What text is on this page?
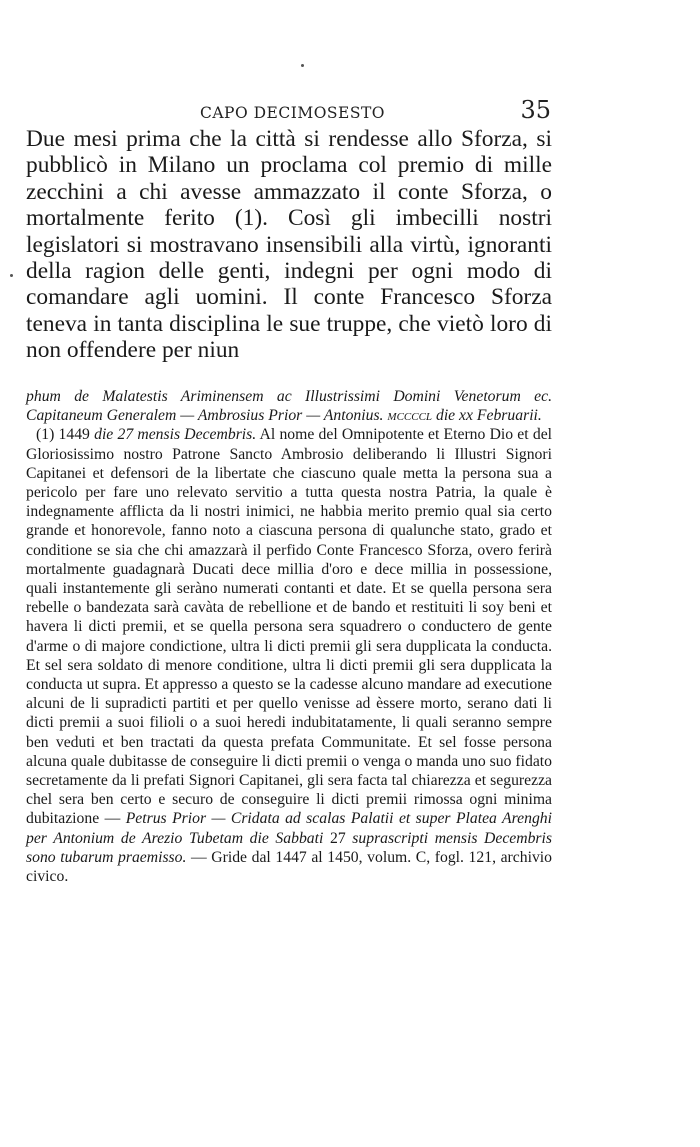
CAPO DECIMOSESTO	35

Due mesi prima che la città si rendesse allo Sforza, si pubblicò in Milano un proclama col premio di mille zecchini a chi avesse ammazzato il conte Sforza, o mortalmente ferito (1). Così gli imbecilli nostri legislatori si mostravano insensibili alla virtù, ignoranti della ragion delle genti, indegni per ogni modo di comandare agli uomini. Il conte Francesco Sforza teneva in tanta disciplina le sue truppe, che vietò loro di non offendere per niun

phum de Malatestis Ariminensem ac Illustrissimi Domini Venetorum ec. Capitaneum Generalem — Ambrosius Prior — Antonius. mccccl die xx Februarii.

(1) 1449 die 27 mensis Decembris. Al nome del Omnipotente et Eterno Dio et del Gloriosissimo nostro Patrone Sancto Ambrosio deliberando li Illustri Signori Capitanei et defensori de la libertate che ciascuno quale metta la persona sua a pericolo per fare uno relevato servitio a tutta questa nostra Patria, la quale è indegnamente afflicta da li nostri inimici, ne habbia merito premio qual sia certo grande et honorevole, fanno noto a ciascuna persona di qualunche stato, grado et conditione se sia che chi amazzarà il perfido Conte Francesco Sforza, overo ferirà mortalmente guadagnarà Ducati dece millia d'oro e dece millia in possessione, quali instantemente gli seràno numerati contanti et date. Et se quella persona sera rebelle o bandezata sarà cavàta de rebellione et de bando et restituiti li soy beni et havera li dicti premii, et se quella persona sera squadrero o conductero de gente d'arme o di majore condictione, ultra li dicti premii gli sera dupplicata la conducta. Et sel sera soldato di menore conditione, ultra li dicti premii gli sera dupplicata la conducta ut supra. Et appresso a questo se la cadesse alcuno mandare ad executione alcuni de li supradicti partiti et per quello venisse ad èssere morto, serano dati li dicti premii a suoi filioli o a suoi heredi indubitatamente, li quali seranno sempre ben veduti et ben tractati da questa prefata Communitate. Et sel fosse persona alcuna quale dubitasse de conseguire li dicti premii o venga o manda uno suo fidato secretamente da li prefati Signori Capitanei, gli sera facta tal chiarezza et segurezza chel sera ben certo e securo de conseguire li dicti premii rimossa ogni minima dubitazione — Petrus Prior — Cridata ad scalas Palatii et super Platea Arenghi per Antonium de Arezio Tubetam die Sabbati 27 suprascripti mensis Decembris sono tubarum praemisso. — Gride dal 1447 al 1450, volum. C, fogl. 121, archivio civico.
